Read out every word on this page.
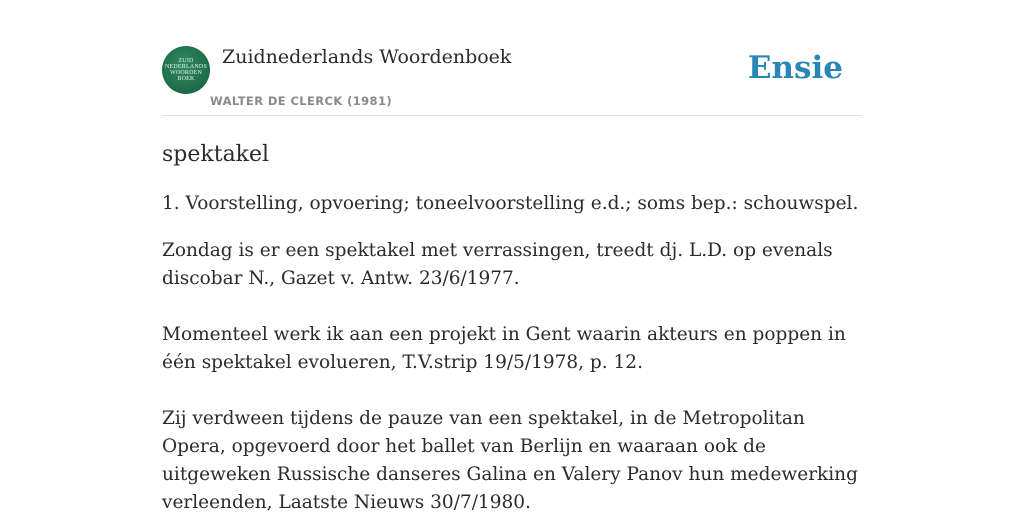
ZUID
NEDERLANDS
WOORDEN
BOEK
Zuidnederlands Woordenboek
WALTER DE CLERCK (1981)
Ensie
spektakel

1. Voorstelling, opvoering; toneelvoorstelling e.d.; soms bep.: schouwspel.

Zondag is er een spektakel met verrassingen, treedt dj. L.D. op evenals discobar N., Gazet v. Antw. 23/6/1977.

Momenteel werk ik aan een projekt in Gent waarin akteurs en poppen in één spektakel evolueren, T.V.strip 19/5/1978, p. 12.

Zij verdween tijdens de pauze van een spektakel, in de Metropolitan Opera, opgevoerd door het ballet van Berlijn en waaraan ook de uitgeweken Russische danseres Galina en Valery Panov hun medewerking verleenden, Laatste Nieuws 30/7/1980.
